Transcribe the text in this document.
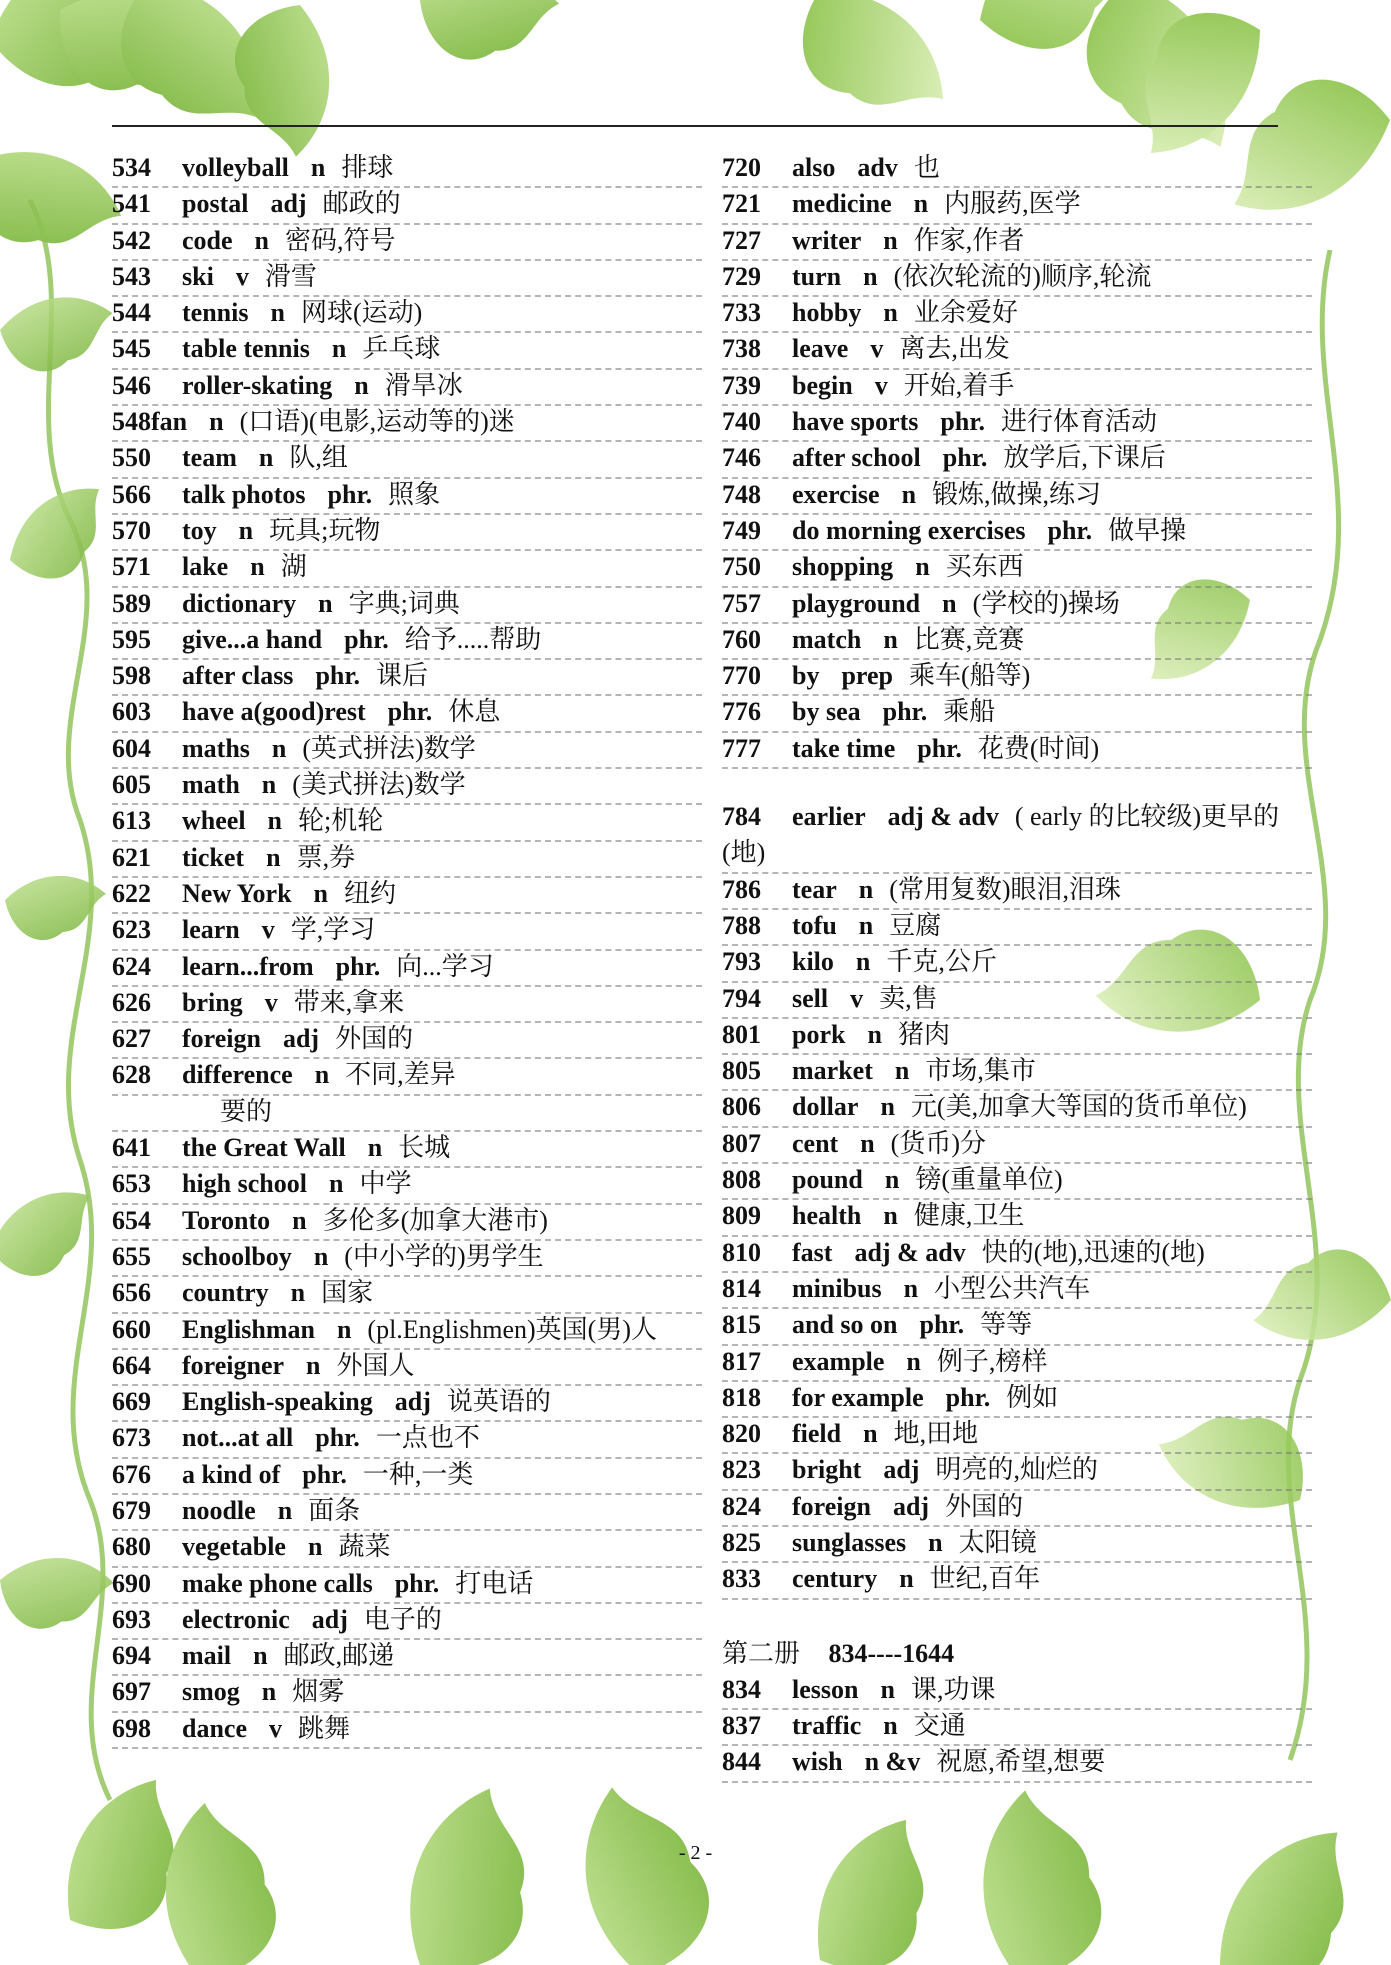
534 volleyball n 排球
541 postal adj 邮政的
542 code n 密码,符号
543 ski v 滑雪
544 tennis n 网球(运动)
545 table tennis n 乒乓球
546 roller-skating n 滑旱冰
548fan n (口语)(电影,运动等的)迷
550 team n 队,组
566 talk photos phr. 照象
570 toy n 玩具;玩物
571 lake n 湖
589 dictionary n 字典;词典
595 give...a hand phr. 给予.....帮助
598 after class phr. 课后
603 have a(good)rest phr. 休息
604 maths n (英式拼法)数学
605 math n (美式拼法)数学
613 wheel n 轮;机轮
621 ticket n 票,券
622 New York n 纽约
623 learn v 学,学习
624 learn...from phr. 向...学习
626 bring v 带来,拿来
627 foreign adj 外国的
628 difference n 不同,差异
要的
641 the Great Wall n 长城
653 high school n 中学
654 Toronto n 多伦多(加拿大港市)
655 schoolboy n (中小学的)男学生
656 country n 国家
660 Englishman n (pl.Englishmen)英国(男)人
664 foreigner n 外国人
669 English-speaking adj 说英语的
673 not...at all phr. 一点也不
676 a kind of phr. 一种,一类
679 noodle n 面条
680 vegetable n 蔬菜
690 make phone calls phr. 打电话
693 electronic adj 电子的
694 mail n 邮政,邮递
697 smog n 烟雾
698 dance v 跳舞
720 also adv 也
721 medicine n 内服药,医学
727 writer n 作家,作者
729 turn n (依次轮流的)顺序,轮流
733 hobby n 业余爱好
738 leave v 离去,出发
739 begin v 开始,着手
740 have sports phr. 进行体育活动
746 after school phr. 放学后,下课后
748 exercise n 锻炼,做操,练习
749 do morning exercises phr. 做早操
750 shopping n 买东西
757 playground n (学校的)操场
760 match n 比赛,竞赛
770 by prep 乘车(船等)
776 by sea phr. 乘船
777 take time phr. 花费(时间)
784 earlier adj & adv ( early 的比较级)更早的(地)
786 tear n (常用复数)眼泪,泪珠
788 tofu n 豆腐
793 kilo n 千克,公斤
794 sell v 卖,售
801 pork n 猪肉
805 market n 市场,集市
806 dollar n 元(美,加拿大等国的货币单位)
807 cent n (货币)分
808 pound n 镑(重量单位)
809 health n 健康,卫生
810 fast adj & adv 快的(地),迅速的(地)
814 minibus n 小型公共汽车
815 and so on phr. 等等
817 example n 例子,榜样
818 for example phr. 例如
820 field n 地,田地
823 bright adj 明亮的,灿烂的
824 foreign adj 外国的
825 sunglasses n 太阳镜
833 century n 世纪,百年
第二册 834----1644
834 lesson n 课,功课
837 traffic n 交通
844 wish n &v 祝愿,希望,想要
- 2 -
